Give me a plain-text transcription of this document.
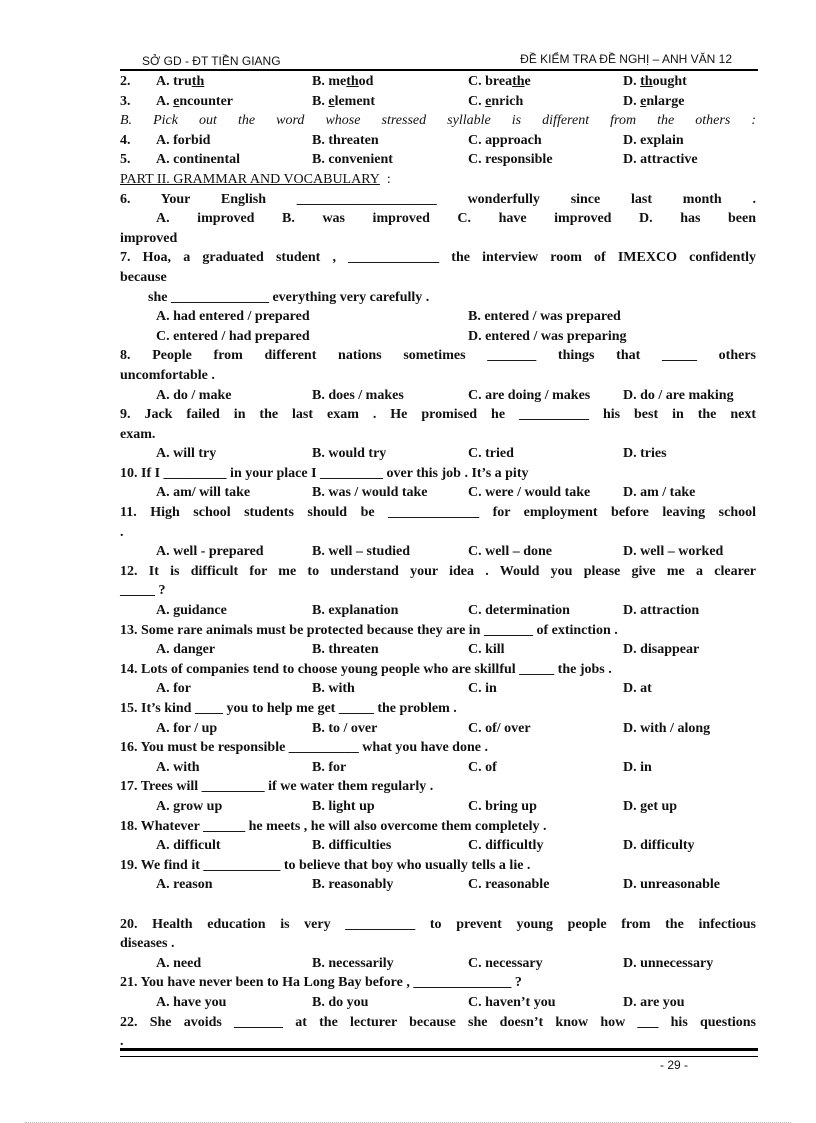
SỞ GD - ĐT TIỀN GIANG	ĐỀ KIỂM TRA ĐỀ NGHỊ – ANH VĂN 12
2. A. truth	B. method	C. breathe	D. thought
3. A. encounter	B. element	C. enrich	D. enlarge
B. Pick out the word whose stressed syllable is different from the others :
4. A. forbid	B. threaten	C. approach	D. explain
5. A. continental	B. convenient	C. responsible	D. attractive
PART II. GRAMMAR AND VOCABULARY :
6. Your English ____________________ wonderfully since last month .
A. improved B. was improved C. have improved D. has been
improved
7. Hoa, a graduated student , _____________ the interview room of IMEXCO confidently
because
she ______________ everything very carefully .
A. had entered / prepared	B. entered / was prepared
C. entered / had prepared	D. entered / was preparing
8. People from different nations sometimes _______ things that _____ others
uncomfortable .
A. do / make	B. does / makes	C. are doing / makes D. do / are making
9. Jack failed in the last exam . He promised he __________ his best in the next
exam.
A. will try	B. would try	C. tried	D. tries
10. If I _________ in your place I _________ over this job . It’s a pity
A. am/ will take	B. was / would take	C. were / would take D. am / take
11. High school students should be _____________ for employment before leaving school
.
A. well - prepared	B. well – studied	C. well – done	D. well – worked
12. It is difficult for me to understand your idea . Would you please give me a clearer
_____ ?
A. guidance	B. explanation	C. determination	D. attraction
13. Some rare animals must be protected because they are in _______ of extinction .
A. danger	B. threaten	C. kill	D. disappear
14. Lots of companies tend to choose young people who are skillful _____ the jobs .
A. for	B. with	C. in	D. at
15. It’s kind ____ you to help me get _____ the problem .
A. for / up	B. to / over	C. of/ over	D. with / along
16. You must be responsible __________ what you have done .
A. with	B. for	C. of	D. in
17. Trees will _________ if we water them regularly .
A. grow up	B. light up	C. bring up	D. get up
18. Whatever ______ he meets , he will also overcome them completely .
A. difficult	B. difficulties	C. difficultly	D. difficulty
19. We find it ___________ to believe that boy who usually tells a lie .
A. reason	B. reasonably	C. reasonable	D. unreasonable
20. Health education is very __________ to prevent young people from the infectious
diseases .
A. need	B. necessarily	C. necessary	D. unnecessary
21. You have never been to Ha Long Bay before , ______________ ?
A. have you	B. do you	C. haven’t you	D. are you
22. She avoids _______ at the lecturer because she doesn’t know how ___ his questions
.
- 29 -
